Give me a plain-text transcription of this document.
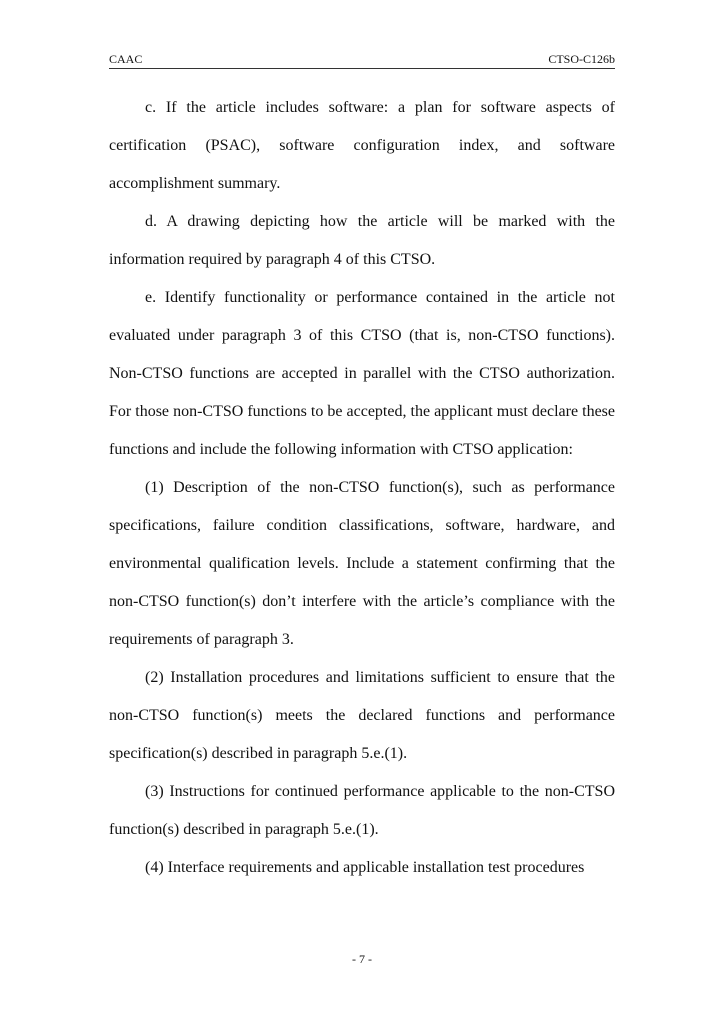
CAAC	CTSO-C126b

c. If the article includes software: a plan for software aspects of certification (PSAC), software configuration index, and software accomplishment summary.

d. A drawing depicting how the article will be marked with the information required by paragraph 4 of this CTSO.

e. Identify functionality or performance contained in the article not evaluated under paragraph 3 of this CTSO (that is, non-CTSO functions). Non-CTSO functions are accepted in parallel with the CTSO authorization. For those non-CTSO functions to be accepted, the applicant must declare these functions and include the following information with CTSO application:

(1) Description of the non-CTSO function(s), such as performance specifications, failure condition classifications, software, hardware, and environmental qualification levels. Include a statement confirming that the non-CTSO function(s) don’t interfere with the article’s compliance with the requirements of paragraph 3.

(2) Installation procedures and limitations sufficient to ensure that the non-CTSO function(s) meets the declared functions and performance specification(s) described in paragraph 5.e.(1).

(3) Instructions for continued performance applicable to the non-CTSO function(s) described in paragraph 5.e.(1).

(4) Interface requirements and applicable installation test procedures

- 7 -
